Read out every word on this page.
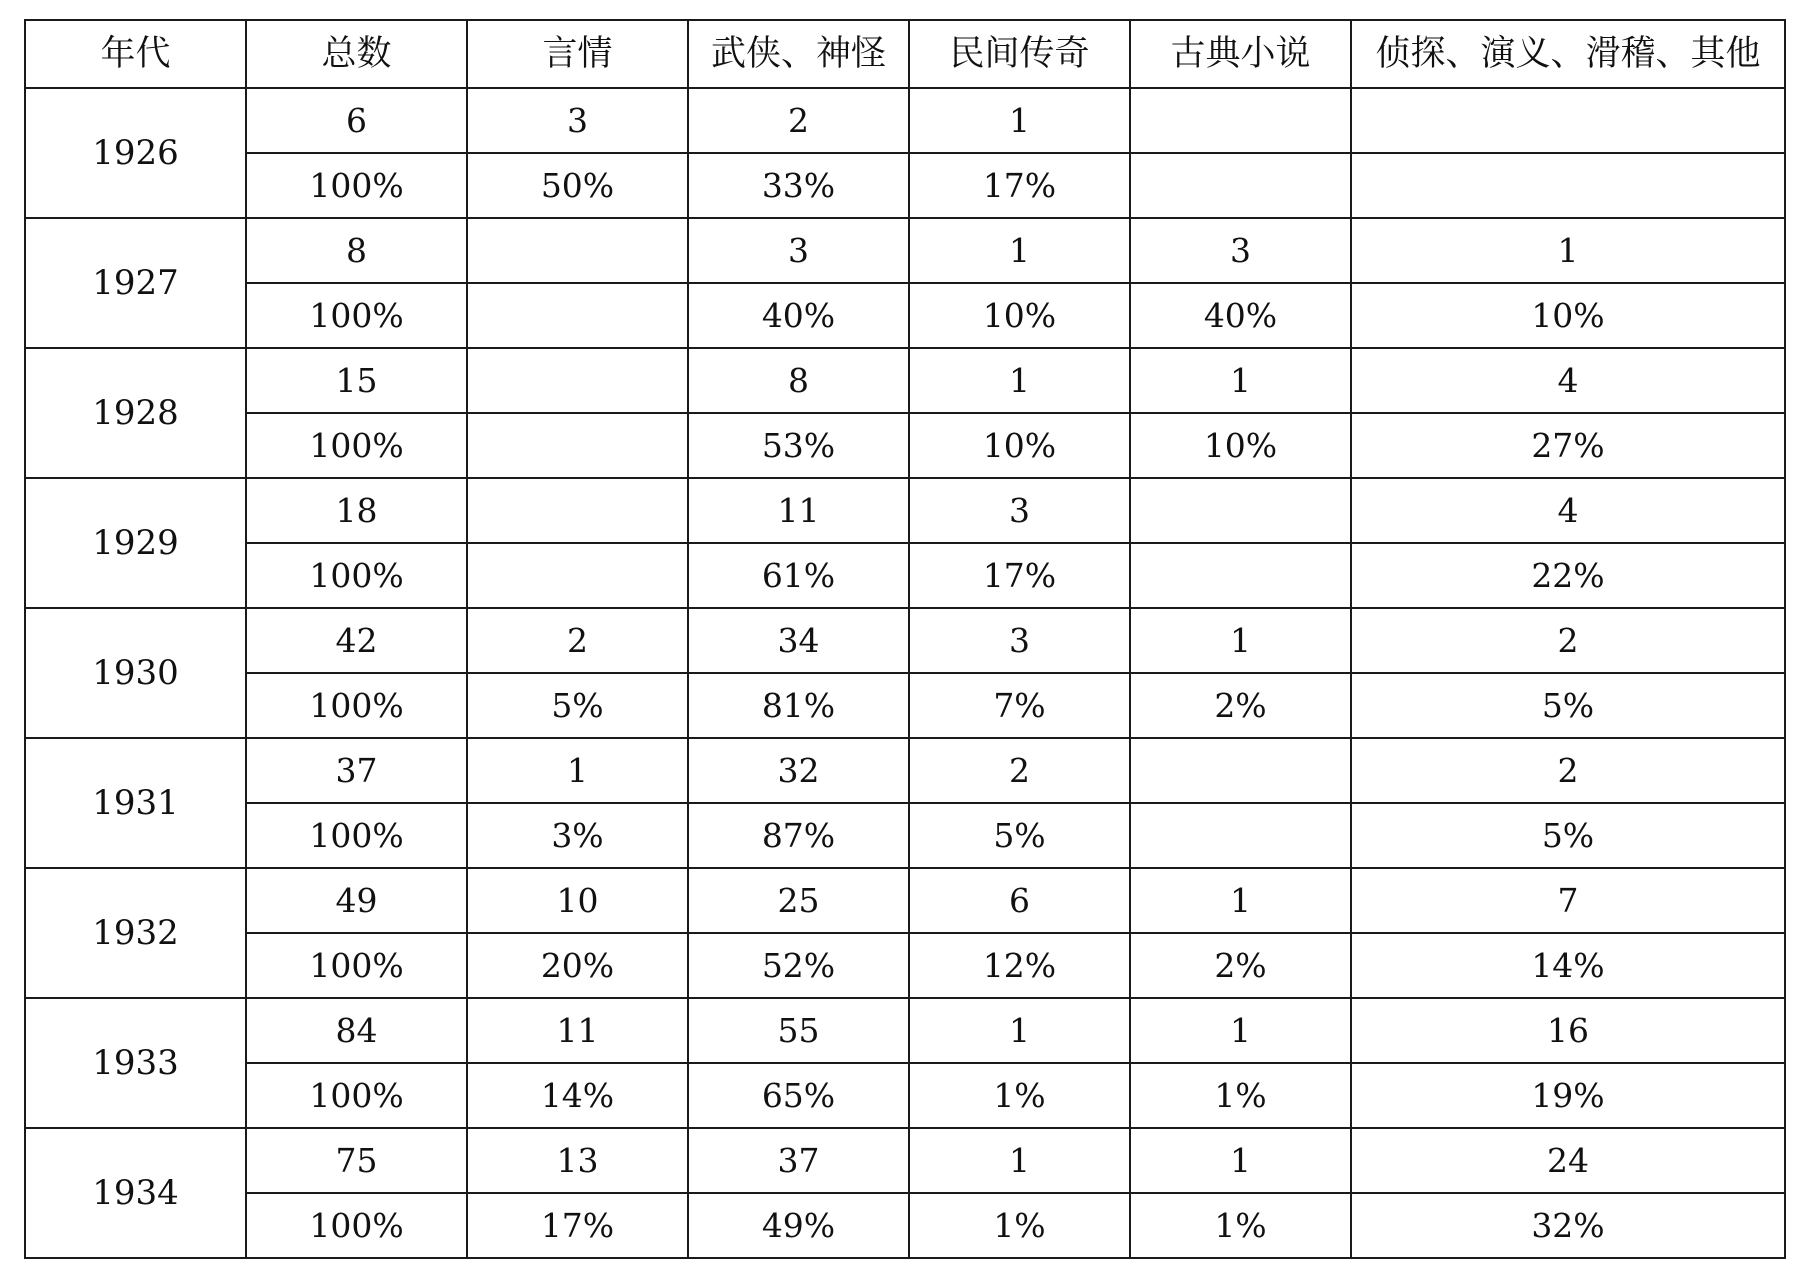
年代	总数	言情	武侠、神怪	民间传奇	古典小说	侦探、演义、滑稽、其他
1926	6	3	2	1		
	100%	50%	33%	17%		
1927	8		3	1	3	1
	100%		40%	10%	40%	10%
1928	15		8	1	1	4
	100%		53%	10%	10%	27%
1929	18		11	3		4
	100%		61%	17%		22%
1930	42	2	34	3	1	2
	100%	5%	81%	7%	2%	5%
1931	37	1	32	2		2
	100%	3%	87%	5%		5%
1932	49	10	25	6	1	7
	100%	20%	52%	12%	2%	14%
1933	84	11	55	1	1	16
	100%	14%	65%	1%	1%	19%
1934	75	13	37	1	1	24
	100%	17%	49%	1%	1%	32%
